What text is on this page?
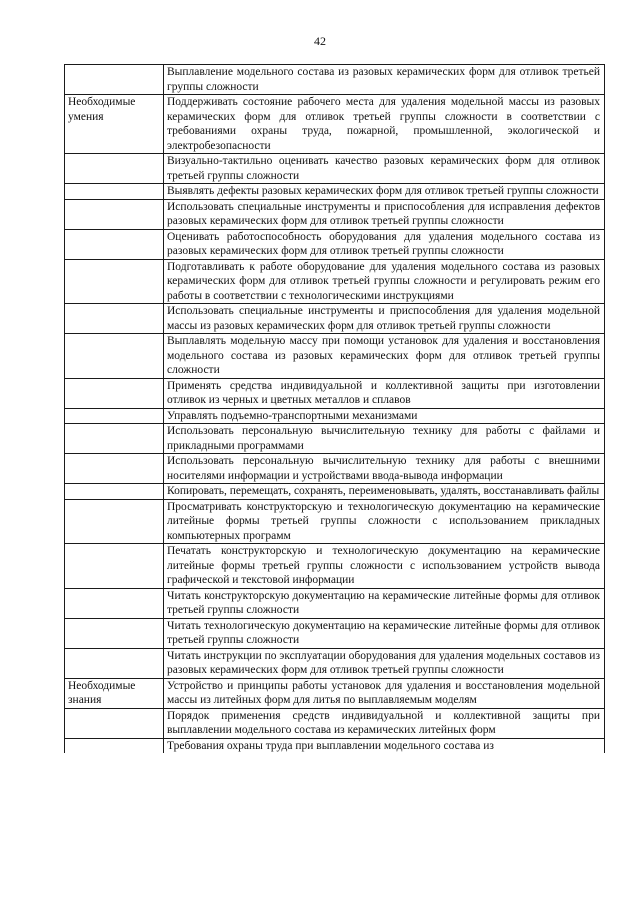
42
	Выплавление модельного состава из разовых керамических форм для отливок третьей группы сложности
Необходимые умения	Поддерживать состояние рабочего места для удаления модельной массы из разовых керамических форм для отливок третьей группы сложности в соответствии с требованиями охраны труда, пожарной, промышленной, экологической и электробезопасности
	Визуально-тактильно оценивать качество разовых керамических форм для отливок третьей группы сложности
	Выявлять дефекты разовых керамических форм для отливок третьей группы сложности
	Использовать специальные инструменты и приспособления для исправления дефектов разовых керамических форм для отливок третьей группы сложности
	Оценивать работоспособность оборудования для удаления модельного состава из разовых керамических форм для отливок третьей группы сложности
	Подготавливать к работе оборудование для удаления модельного состава из разовых керамических форм для отливок третьей группы сложности и регулировать режим его работы в соответствии с технологическими инструкциями
	Использовать специальные инструменты и приспособления для удаления модельной массы из разовых керамических форм для отливок третьей группы сложности
	Выплавлять модельную массу при помощи установок для удаления и восстановления модельного состава из разовых керамических форм для отливок третьей группы сложности
	Применять средства индивидуальной и коллективной защиты при изготовлении отливок из черных и цветных металлов и сплавов
	Управлять подъемно-транспортными механизмами
	Использовать персональную вычислительную технику для работы с файлами и прикладными программами
	Использовать персональную вычислительную технику для работы с внешними носителями информации и устройствами ввода-вывода информации
	Копировать, перемещать, сохранять, переименовывать, удалять, восстанавливать файлы
	Просматривать конструкторскую и технологическую документацию на керамические литейные формы третьей группы сложности с использованием прикладных компьютерных программ
	Печатать конструкторскую и технологическую документацию на керамические литейные формы третьей группы сложности с использованием устройств вывода графической и текстовой информации
	Читать конструкторскую документацию на керамические литейные формы для отливок третьей группы сложности
	Читать технологическую документацию на керамические литейные формы для отливок третьей группы сложности
	Читать инструкции по эксплуатации оборудования для удаления модельных составов из разовых керамических форм для отливок третьей группы сложности
Необходимые знания	Устройство и принципы работы установок для удаления и восстановления модельной массы из литейных форм для литья по выплавляемым моделям
	Порядок применения средств индивидуальной и коллективной защиты при выплавлении модельного состава из керамических литейных форм
	Требования охраны труда при выплавлении модельного состава из
